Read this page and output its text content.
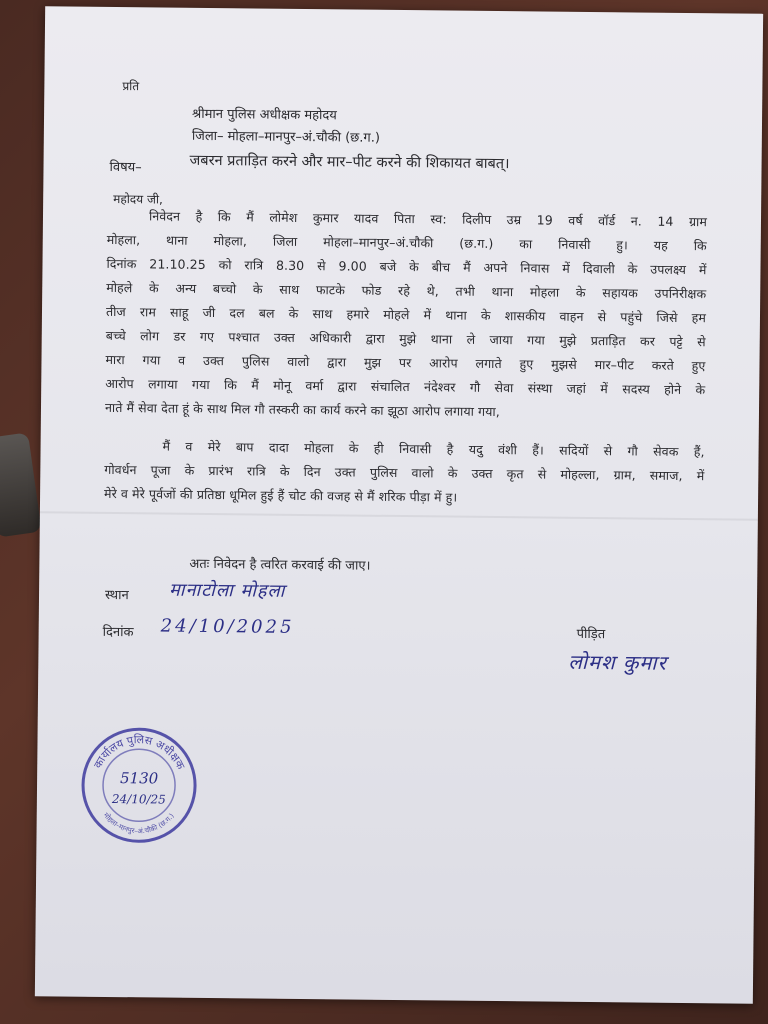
प्रति
श्रीमान पुलिस अधीक्षक महोदय
जिला– मोहला–मानपुर–अं.चौकी (छ.ग.)
विषय–	जबरन प्रताड़ित करने और मार–पीट करने की शिकायत बाबत्।
महोदय जी,
निवेदन है कि मैं लोमेश कुमार यादव पिता स्व: दिलीप उम्र 19 वर्ष वॉर्ड न. 14 ग्राम
मोहला, थाना मोहला, जिला मोहला–मानपुर–अं.चौकी (छ.ग.) का निवासी हु। यह कि
दिनांक 21.10.25 को रात्रि 8.30 से 9.00 बजे के बीच मैं अपने निवास में दिवाली के उपलक्ष्य में
मोहले के अन्य बच्चो के साथ फाटके फोड रहे थे, तभी थाना मोहला के सहायक उपनिरीक्षक
तीज राम साहू जी दल बल के साथ हमारे मोहले में थाना के शासकीय वाहन से पहुंचे जिसे हम
बच्चे लोग डर गए पश्चात उक्त अधिकारी द्वारा मुझे थाना ले जाया गया मुझे प्रताड़ित कर पट्टे से
मारा गया व उक्त पुलिस वालो द्वारा मुझ पर आरोप लगाते हुए मुझसे मार–पीट करते हुए
आरोप लगाया गया कि मैं मोनू वर्मा द्वारा संचालित नंदेश्वर गौ सेवा संस्था जहां में सदस्य होने के
नाते मैं सेवा देता हूं के साथ मिल गौ तस्करी का कार्य करने का झूठा आरोप लगाया गया,
मैं व मेरे बाप दादा मोहला के ही निवासी है यदु वंशी हैं। सदियों से गौ सेवक हैं,
गोवर्धन पूजा के प्रारंभ रात्रि के दिन उक्त पुलिस वालो के उक्त कृत से मोहल्ला, ग्राम, समाज, में
मेरे व मेरे पूर्वजों की प्रतिष्ठा धूमिल हुई हैं चोट की वजह से मैं शरिक पीड़ा में हु।
अतः निवेदन है त्वरित करवाई की जाए।
स्थान मानाटोला मोहला
दिनांक 24/10/2025	पीड़ित
लोमश कुमार
कार्यालय पुलिस अधीक्षक
मोहला–मानपुर–अं.चौकी (छ.ग.)
5130
24/10/25
